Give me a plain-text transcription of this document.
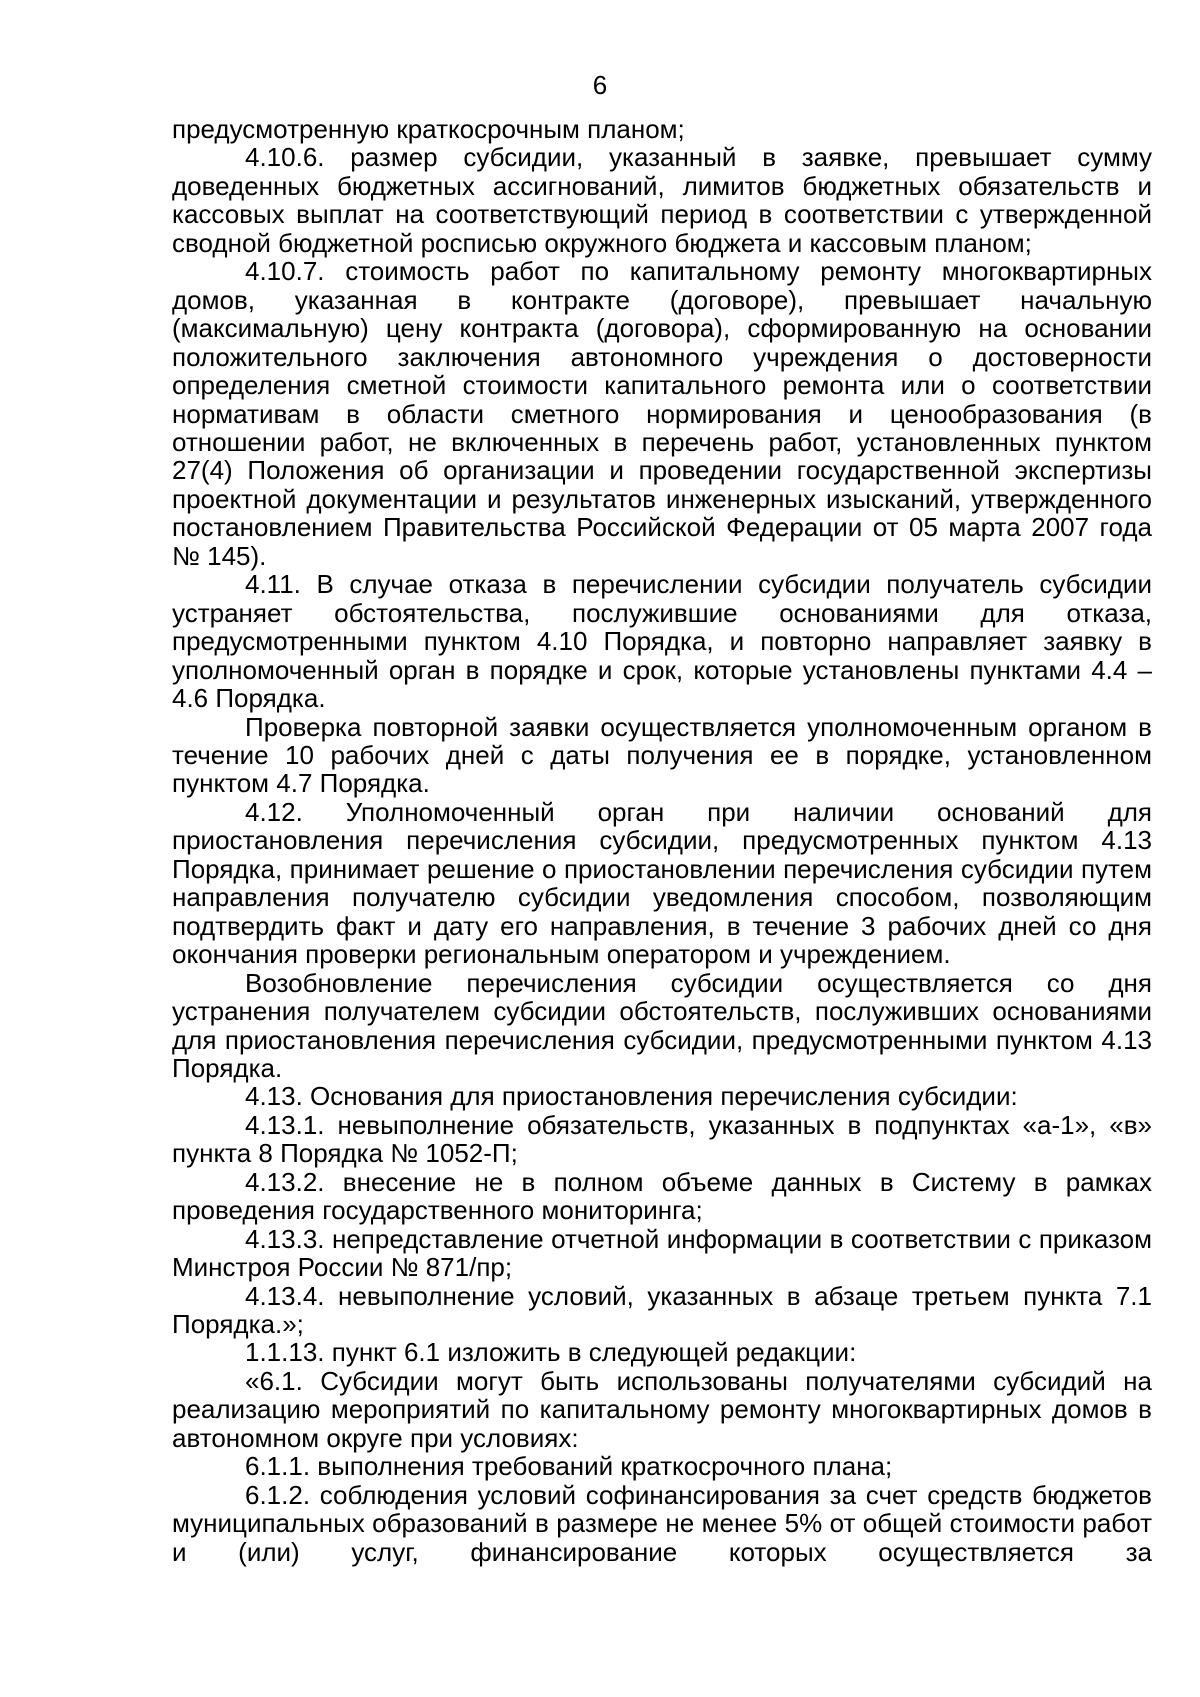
6

предусмотренную краткосрочным планом;

4.10.6. размер субсидии, указанный в заявке, превышает сумму доведенных бюджетных ассигнований, лимитов бюджетных обязательств и кассовых выплат на соответствующий период в соответствии с утвержденной сводной бюджетной росписью окружного бюджета и кассовым планом;

4.10.7. стоимость работ по капитальному ремонту многоквартирных домов, указанная в контракте (договоре), превышает начальную (максимальную) цену контракта (договора), сформированную на основании положительного заключения автономного учреждения о достоверности определения сметной стоимости капитального ремонта или о соответствии нормативам в области сметного нормирования и ценообразования (в отношении работ, не включенных в перечень работ, установленных пунктом 27(4) Положения об организации и проведении государственной экспертизы проектной документации и результатов инженерных изысканий, утвержденного постановлением Правительства Российской Федерации от 05 марта 2007 года № 145).

4.11. В случае отказа в перечислении субсидии получатель субсидии устраняет обстоятельства, послужившие основаниями для отказа, предусмотренными пунктом 4.10 Порядка, и повторно направляет заявку в уполномоченный орган в порядке и срок, которые установлены пунктами 4.4 – 4.6 Порядка.

Проверка повторной заявки осуществляется уполномоченным органом в течение 10 рабочих дней с даты получения ее в порядке, установленном пунктом 4.7 Порядка.

4.12. Уполномоченный орган при наличии оснований для приостановления перечисления субсидии, предусмотренных пунктом 4.13 Порядка, принимает решение о приостановлении перечисления субсидии путем направления получателю субсидии уведомления способом, позволяющим подтвердить факт и дату его направления, в течение 3 рабочих дней со дня окончания проверки региональным оператором и учреждением.

Возобновление перечисления субсидии осуществляется со дня устранения получателем субсидии обстоятельств, послуживших основаниями для приостановления перечисления субсидии, предусмотренными пунктом 4.13 Порядка.

4.13. Основания для приостановления перечисления субсидии:

4.13.1. невыполнение обязательств, указанных в подпунктах «а-1», «в» пункта 8 Порядка № 1052-П;

4.13.2. внесение не в полном объеме данных в Систему в рамках проведения государственного мониторинга;

4.13.3. непредставление отчетной информации в соответствии с приказом Минстроя России № 871/пр;

4.13.4. невыполнение условий, указанных в абзаце третьем пункта 7.1 Порядка.»;

1.1.13. пункт 6.1 изложить в следующей редакции:

«6.1. Субсидии могут быть использованы получателями субсидий на реализацию мероприятий по капитальному ремонту многоквартирных домов в автономном округе при условиях:

6.1.1. выполнения требований краткосрочного плана;

6.1.2. соблюдения условий софинансирования за счет средств бюджетов муниципальных образований в размере не менее 5% от общей стоимости работ и (или) услуг, финансирование которых осуществляется за
